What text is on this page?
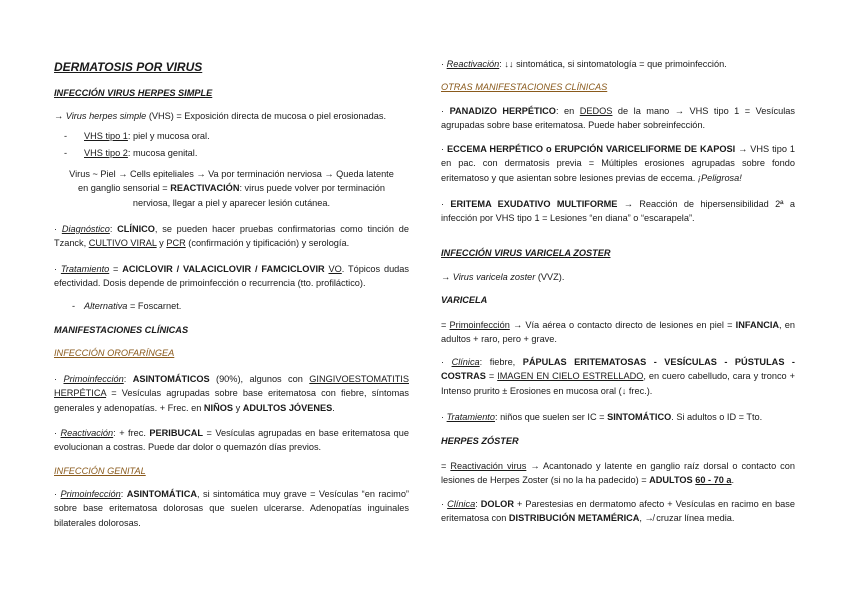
DERMATOSIS POR VIRUS

INFECCIÓN VIRUS HERPES SIMPLE

→ Virus herpes simple (VHS) = Exposición directa de mucosa o piel erosionadas.

- VHS tipo 1: piel y mucosa oral.

- VHS tipo 2: mucosa genital.

Virus ~ Piel → Cells epiteliales → Va por terminación nerviosa → Queda latente en ganglio sensorial = REACTIVACIÓN: virus puede volver por terminación nerviosa, llegar a piel y aparecer lesión cutánea.

· Diagnóstico: CLÍNICO, se pueden hacer pruebas confirmatorias como tinción de Tzanck, CULTIVO VIRAL y PCR (confirmación y tipificación) y serología.

· Tratamiento = ACICLOVIR / VALACICLOVIR / FAMCICLOVIR VO. Tópicos dudas efectividad. Dosis depende de primoinfección o recurrencia (tto. profiláctico).

- Alternativa = Foscarnet.

MANIFESTACIONES CLÍNICAS

INFECCIÓN OROFARÍNGEA

· Primoinfección: ASINTOMÁTICOS (90%), algunos con GINGIVOESTOMATITIS HERPÉTICA = Vesículas agrupadas sobre base eritematosa con fiebre, síntomas generales y adenopatías. + Frec. en NIÑOS y ADULTOS JÓVENES.

· Reactivación: + frec. PERIBUCAL = Vesículas agrupadas en base eritematosa que evolucionan a costras. Puede dar dolor o quemazón días previos.

INFECCIÓN GENITAL

· Primoinfección: ASINTOMÁTICA, si sintomática muy grave = Vesículas “en racimo” sobre base eritematosa dolorosas que suelen ulcerarse. Adenopatías inguinales bilaterales dolorosas.

· Reactivación: ↓↓ sintomática, si sintomatología = que primoinfección.

OTRAS MANIFESTACIONES CLÍNICAS

· PANADIZO HERPÉTICO: en DEDOS de la mano → VHS tipo 1 = Vesículas agrupadas sobre base eritematosa. Puede haber sobreinfección.

· ECCEMA HERPÉTICO o ERUPCIÓN VARICELIFORME DE KAPOSI → VHS tipo 1 en pac. con dermatosis previa = Múltiples erosiones agrupadas sobre fondo eritematoso y que asientan sobre lesiones previas de eccema. ¡Peligrosa!

· ERITEMA EXUDATIVO MULTIFORME → Reacción de hipersensibilidad 2ª a infección por VHS tipo 1 = Lesiones “en diana” o “escarapela”.

INFECCIÓN VIRUS VARICELA ZOSTER

→ Virus varicela zoster (VVZ).

VARICELA

= Primoinfección → Vía aérea o contacto directo de lesiones en piel = INFANCIA, en adultos + raro, pero + grave.

· Clínica: fiebre, PÁPULAS ERITEMATOSAS - VESÍCULAS - PÚSTULAS - COSTRAS = IMAGEN EN CIELO ESTRELLADO, en cuero cabelludo, cara y tronco + Intenso prurito ± Erosiones en mucosa oral (↓ frec.).

· Tratamiento: niños que suelen ser IC = SINTOMÁTICO. Si adultos o ID = Tto.

HERPES ZÓSTER

= Reactivación virus → Acantonado y latente en ganglio raíz dorsal o contacto con lesiones de Herpes Zoster (si no la ha padecido) = ADULTOS 60 - 70 a.

· Clínica: DOLOR + Parestesias en dermatomo afecto + Vesículas en racimo en base eritematosa con DISTRIBUCIÓN METAMÉRICA, ↛ cruzar línea media.
